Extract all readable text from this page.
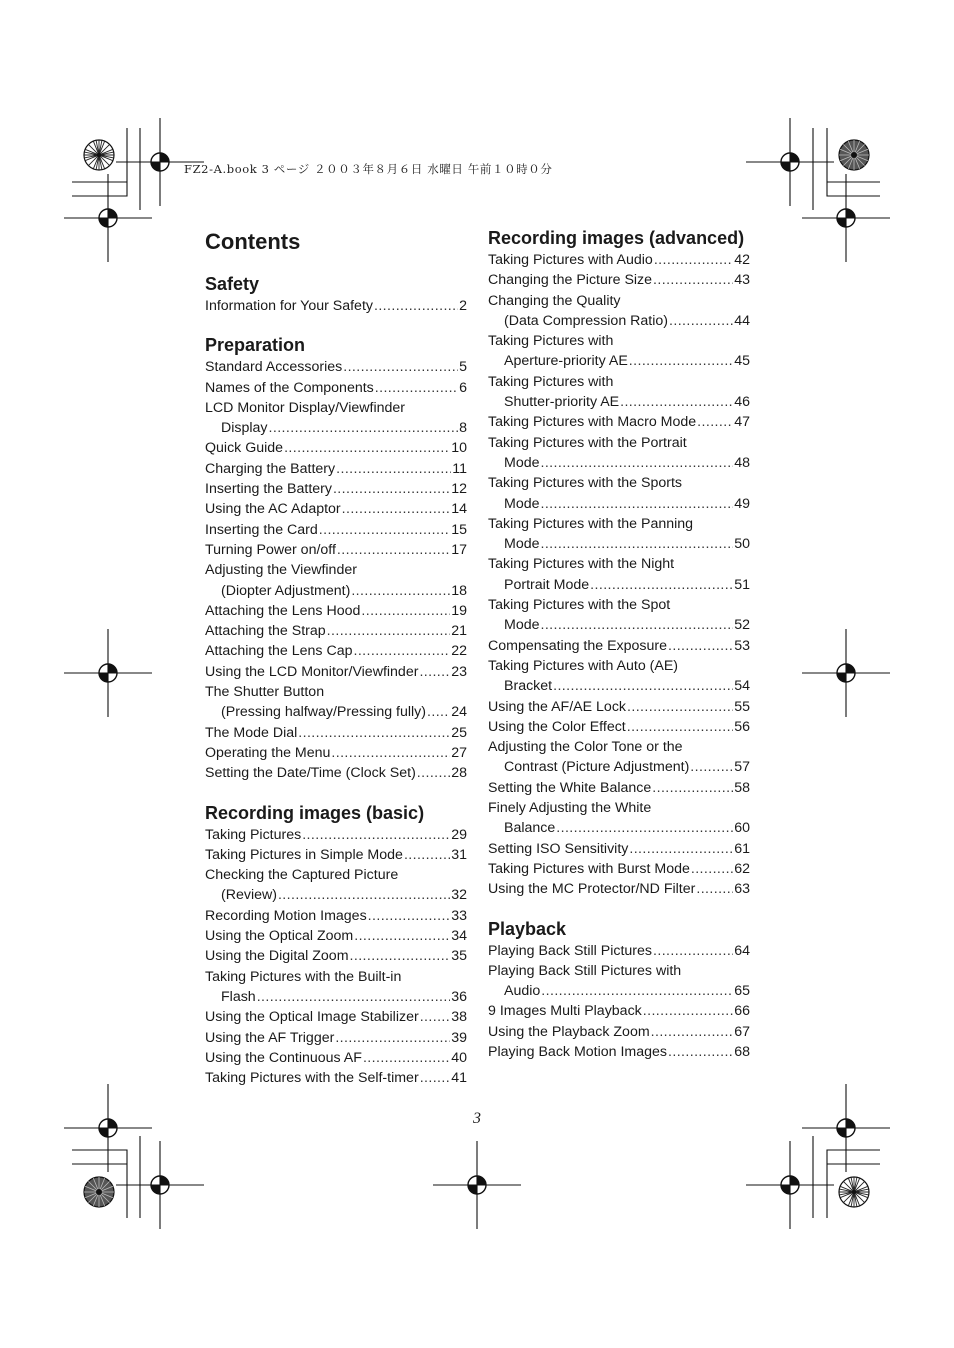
FZ2-A.book 3 ページ ２００３年８月６日 水曜日 午前１０時０分
Contents
Safety
Information for Your Safety .....	2
Preparation
Standard Accessories .....	5
Names of the Components .....	6
LCD Monitor Display/Viewfinder
Display .....	8
Quick Guide .....	10
Charging the Battery .....	11
Inserting the Battery .....	12
Using the AC Adaptor .....	14
Inserting the Card .....	15
Turning Power on/off .....	17
Adjusting the Viewfinder
(Diopter Adjustment) .....	18
Attaching the Lens Hood .....	19
Attaching the Strap .....	21
Attaching the Lens Cap .....	22
Using the LCD Monitor/Viewfinder ..... 23
The Shutter Button
(Pressing halfway/Pressing fully) ..... 24
The Mode Dial .....	25
Operating the Menu .....	27
Setting the Date/Time (Clock Set) ..... 28
Recording images (basic)
Taking Pictures .....	29
Taking Pictures in Simple Mode .....	31
Checking the Captured Picture
(Review) .....	32
Recording Motion Images .....	33
Using the Optical Zoom .....	34
Using the Digital Zoom .....	35
Taking Pictures with the Built-in
Flash .....	36
Using the Optical Image Stabilizer ..... 38
Using the AF Trigger .....	39
Using the Continuous AF .....	40
Taking Pictures with the Self-timer ..... 41
Recording images (advanced)
Taking Pictures with Audio .....	42
Changing the Picture Size .....	43
Changing the Quality
(Data Compression Ratio) .....	44
Taking Pictures with
Aperture-priority AE .....	45
Taking Pictures with
Shutter-priority AE .....	46
Taking Pictures with Macro Mode .....	47
Taking Pictures with the Portrait
Mode .....	48
Taking Pictures with the Sports
Mode .....	49
Taking Pictures with the Panning
Mode .....	50
Taking Pictures with the Night
Portrait Mode .....	51
Taking Pictures with the Spot
Mode .....	52
Compensating the Exposure .....	53
Taking Pictures with Auto (AE)
Bracket .....	54
Using the AF/AE Lock .....	55
Using the Color Effect .....	56
Adjusting the Color Tone or the
Contrast (Picture Adjustment) .....	57
Setting the White Balance .....	58
Finely Adjusting the White
Balance .....	60
Setting ISO Sensitivity .....	61
Taking Pictures with Burst Mode .....	62
Using the MC Protector/ND Filter .....	63
Playback
Playing Back Still Pictures .....	64
Playing Back Still Pictures with
Audio .....	65
9 Images Multi Playback .....	66
Using the Playback Zoom .....	67
Playing Back Motion Images .....	68
3
